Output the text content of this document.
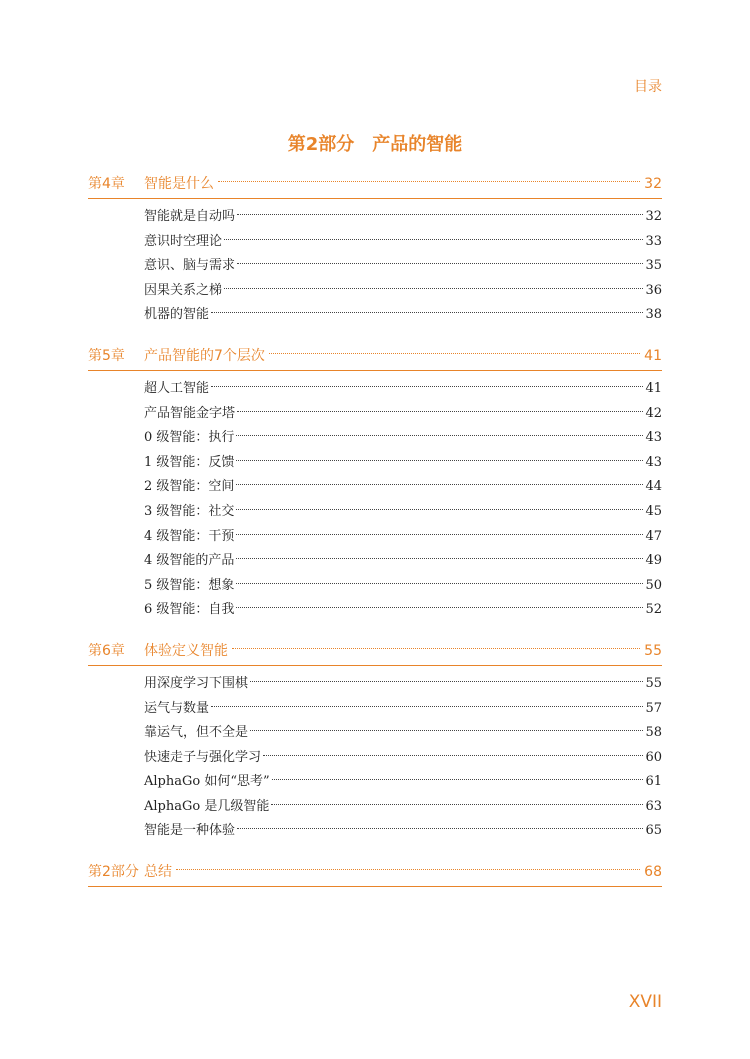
目录
第2部分　产品的智能
第4章	智能是什么	32
智能就是自动吗	32
意识时空理论	33
意识、脑与需求	35
因果关系之梯	36
机器的智能	38
第5章	产品智能的7个层次	41
超人工智能	41
产品智能金字塔	42
0 级智能：执行	43
1 级智能：反馈	43
2 级智能：空间	44
3 级智能：社交	45
4 级智能：干预	47
4 级智能的产品	49
5 级智能：想象	50
6 级智能：自我	52
第6章	体验定义智能	55
用深度学习下围棋	55
运气与数量	57
靠运气，但不全是	58
快速走子与强化学习	60
AlphaGo 如何“思考”	61
AlphaGo 是几级智能	63
智能是一种体验	65
第2部分 总结	68
XVII
